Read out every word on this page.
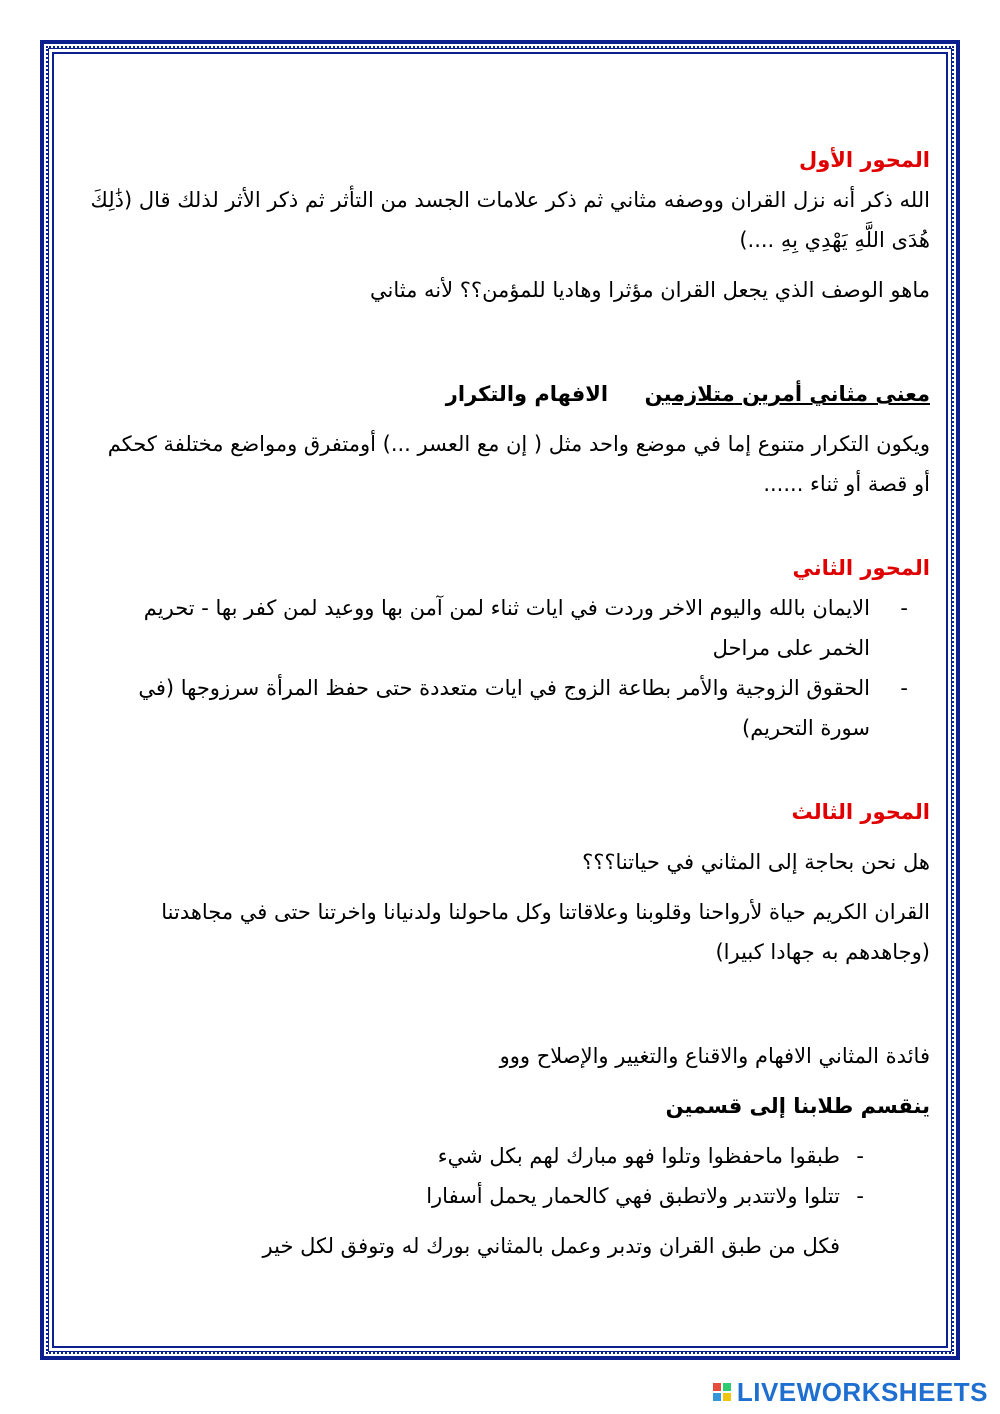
المحور الأول

الله ذكر أنه نزل القران ووصفه مثاني ثم ذكر علامات الجسد من التأثر ثم ذكر الأثر لذلك قال (ذَٰلِكَ هُدَى اللَّهِ يَهْدِي بِهِ ....)

ماهو الوصف الذي يجعل القران مؤثرا وهاديا للمؤمن؟؟ لأنه مثاني

معنى مثاني أمرين متلازمين     الافهام والتكرار

ويكون التكرار متنوع إما في موضع واحد مثل ( إن مع العسر ...) أومتفرق ومواضع مختلفة كحكم أو قصة أو ثناء ......

المحور الثاني

- الايمان بالله واليوم الاخر وردت في ايات ثناء لمن آمن بها ووعيد لمن كفر بها - تحريم الخمر على مراحل
- الحقوق الزوجية والأمر بطاعة الزوج في ايات متعددة حتى حفظ المرأة سرزوجها (في سورة التحريم)

المحور الثالث

هل نحن بحاجة إلى المثاني في حياتنا؟؟؟

القران الكريم حياة لأرواحنا وقلوبنا وعلاقاتنا وكل ماحولنا ولدنيانا واخرتنا حتى في مجاهدتنا (وجاهدهم به جهادا كبيرا)

فائدة المثاني الافهام والاقناع والتغيير والإصلاح ووو

ينقسم طلابنا إلى قسمين

- طبقوا ماحفظوا وتلوا فهو مبارك لهم بكل شيء
- تتلوا ولاتتدبر ولاتطبق فهي كالحمار يحمل أسفارا

فكل من طبق القران وتدبر وعمل بالمثاني بورك له وتوفق لكل خير

LIVEWORKSHEETS
